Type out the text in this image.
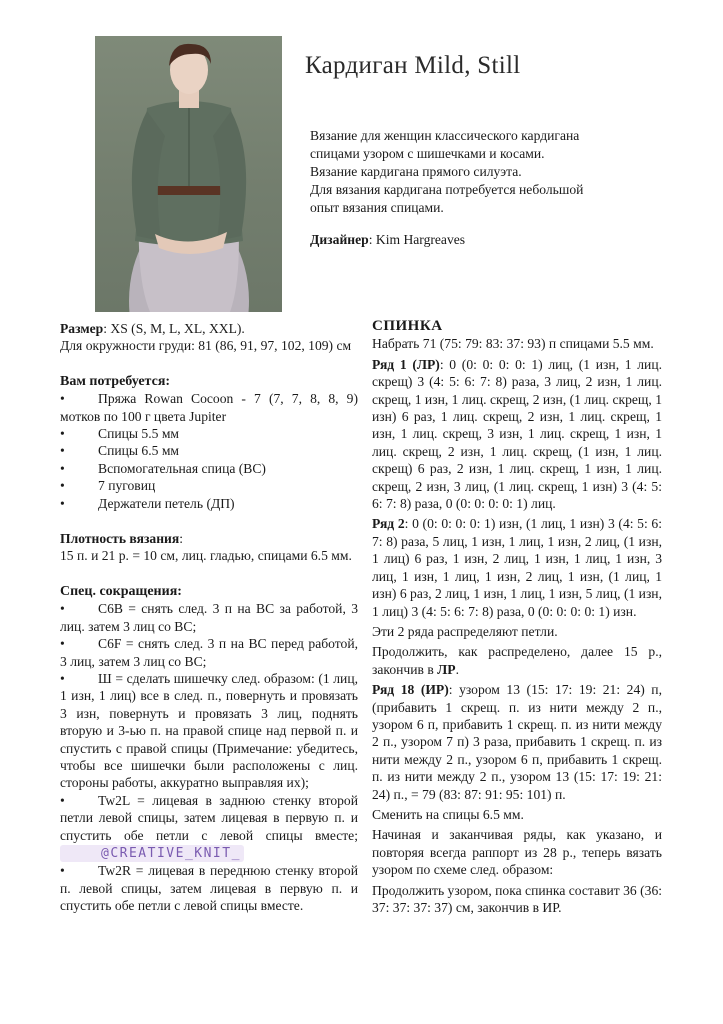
Кардиган Mild, Still

Вязание для женщин классического кардигана

спицами узором с шишечками и косами.

Вязание кардигана прямого силуэта.

Для вязания кардигана потребуется небольшой

опыт вязания спицами.

Дизайнер: Kim Hargreaves
Размер: XS (S, M, L, XL, XXL).
Для окружности груди: 81 (86, 91, 97, 102, 109) см
Вам потребуется:
• Пряжа Rowan Cocoon - 7 (7, 7, 8, 8, 9) мотков по 100 г цвета Jupiter
• Спицы 5.5 мм
• Спицы 6.5 мм
• Вспомогательная спица (ВС)
• 7 пуговиц
• Держатели петель (ДП)
Плотность вязания:
15 п. и 21 р. = 10 см, лиц. гладью, спицами 6.5 мм.
Спец. сокращения:
• C6B = снять след. 3 п на ВС за работой, 3 лиц. затем 3 лиц со ВС;
• C6F = снять след. 3 п на ВС перед работой, 3 лиц, затем 3 лиц со ВС;
• Ш = сделать шишечку след. образом: (1 лиц, 1 изн, 1 лиц) все в след. п., повернуть и провязать 3 изн, повернуть и провязать 3 лиц, поднять вторую и 3-ью п. на правой спице над первой п. и спустить с правой спицы (Примечание: убедитесь, чтобы все шишечки были расположены с лиц. стороны работы, аккуратно выправляя их);
• Tw2L = лицевая в заднюю стенку второй петли левой спицы, затем лицевая в первую п. и спустить обе петли с левой спицы вместе; @CREATIVE_KNIT_
• Tw2R = лицевая в переднюю стенку второй п. левой спицы, затем лицевая в первую п. и спустить обе петли с левой спицы вместе.
СПИНКА

Набрать 71 (75: 79: 83: 37: 93) п спицами 5.5 мм.

Ряд 1 (ЛР): 0 (0: 0: 0: 0: 1) лиц, (1 изн, 1 лиц. скрещ) 3 (4: 5: 6: 7: 8) раза, 3 лиц, 2 изн, 1 лиц. скрещ, 1 изн, 1 лиц. скрещ, 2 изн, (1 лиц. скрещ, 1 изн) 6 раз, 1 лиц. скрещ, 2 изн, 1 лиц. скрещ, 1 изн, 1 лиц. скрещ, 3 изн, 1 лиц. скрещ, 1 изн, 1 лиц. скрещ, 2 изн, 1 лиц. скрещ, (1 изн, 1 лиц. скрещ) 6 раз, 2 изн, 1 лиц. скрещ, 1 изн, 1 лиц. скрещ, 2 изн, 3 лиц, (1 лиц. скрещ, 1 изн) 3 (4: 5: 6: 7: 8) раза, 0 (0: 0: 0: 0: 1) лиц.

Ряд 2: 0 (0: 0: 0: 0: 1) изн, (1 лиц, 1 изн) 3 (4: 5: 6: 7: 8) раза, 5 лиц, 1 изн, 1 лиц, 1 изн, 2 лиц, (1 изн, 1 лиц) 6 раз, 1 изн, 2 лиц, 1 изн, 1 лиц, 1 изн, 3 лиц, 1 изн, 1 лиц, 1 изн, 2 лиц, 1 изн, (1 лиц, 1 изн) 6 раз, 2 лиц, 1 изн, 1 лиц, 1 изн, 5 лиц, (1 изн, 1 лиц) 3 (4: 5: 6: 7: 8) раза, 0 (0: 0: 0: 0: 1) изн.

Эти 2 ряда распределяют петли.

Продолжить, как распределено, далее 15 р., закончив в ЛР.

Ряд 18 (ИР): узором 13 (15: 17: 19: 21: 24) п, (прибавить 1 скрещ. п. из нити между 2 п., узором 6 п, прибавить 1 скрещ. п. из нити между 2 п., узором 7 п) 3 раза, прибавить 1 скрещ. п. из нити между 2 п., узором 6 п, прибавить 1 скрещ. п. из нити между 2 п., узором 13 (15: 17: 19: 21: 24) п., = 79 (83: 87: 91: 95: 101) п.

Сменить на спицы 6.5 мм.

Начиная и заканчивая ряды, как указано, и повторяя всегда раппорт из 28 р., теперь вязать узором по схеме след. образом:

Продолжить узором, пока спинка составит 36 (36: 37: 37: 37: 37) см, закончив в ИР.
